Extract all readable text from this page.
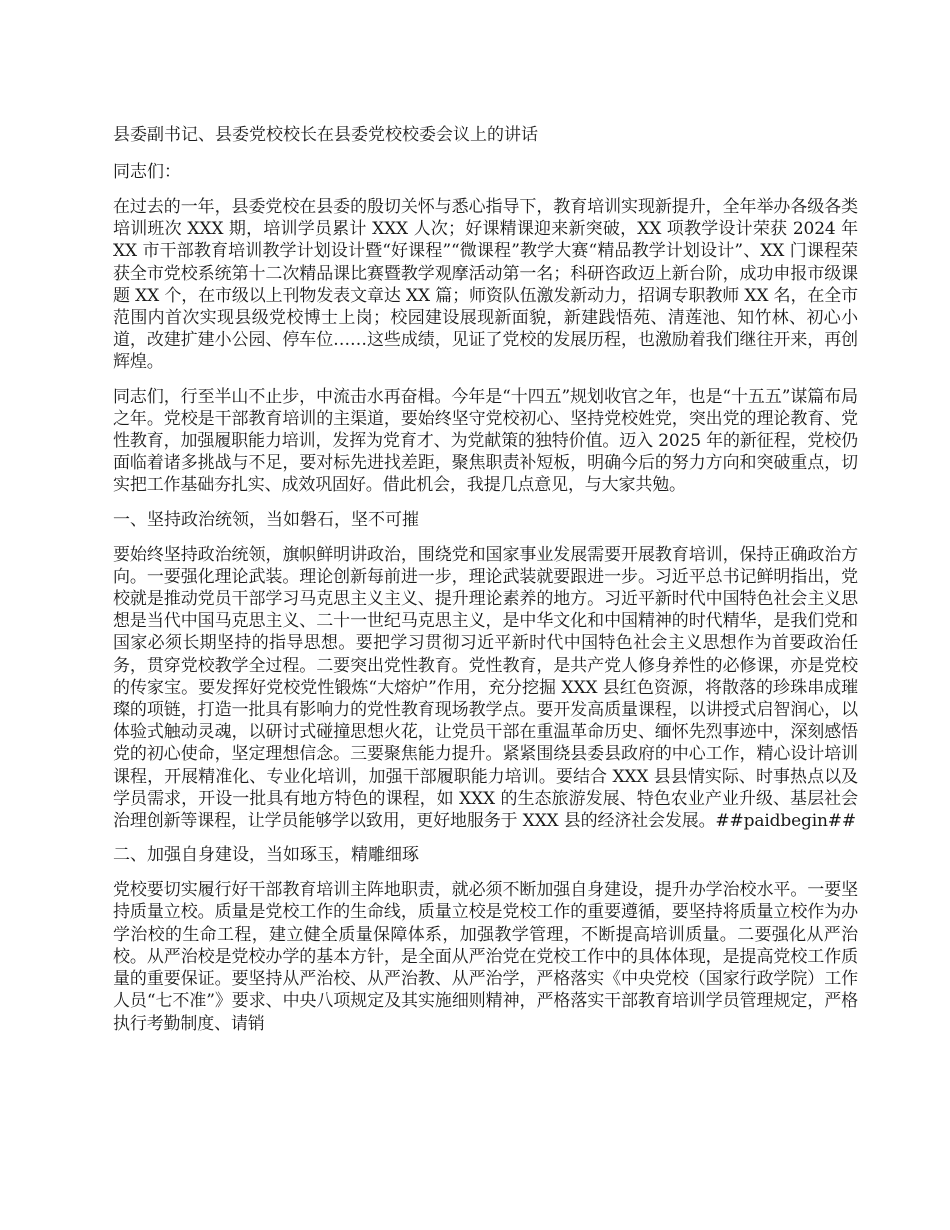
县委副书记、县委党校校长在县委党校校委会议上的讲话
同志们：
在过去的一年，县委党校在县委的殷切关怀与悉心指导下，教育培训实现新提升，全年举办各级各类培训班次 XXX 期，培训学员累计 XXX 人次；好课精课迎来新突破，XX 项教学设计荣获 2024 年 XX 市干部教育培训教学计划设计暨“好课程”“微课程”教学大赛“精品教学计划设计”、XX 门课程荣获全市党校系统第十二次精品课比赛暨教学观摩活动第一名；科研咨政迈上新台阶，成功申报市级课题 XX 个，在市级以上刊物发表文章达 XX 篇；师资队伍激发新动力，招调专职教师 XX 名，在全市范围内首次实现县级党校博士上岗；校园建设展现新面貌，新建践悟苑、清莲池、知竹林、初心小道，改建扩建小公园、停车位……这些成绩，见证了党校的发展历程，也激励着我们继往开来，再创辉煌。
同志们，行至半山不止步，中流击水再奋楫。今年是“十四五”规划收官之年，也是“十五五”谋篇布局之年。党校是干部教育培训的主渠道，要始终坚守党校初心、坚持党校姓党，突出党的理论教育、党性教育，加强履职能力培训，发挥为党育才、为党献策的独特价值。迈入 2025 年的新征程，党校仍面临着诸多挑战与不足，要对标先进找差距，聚焦职责补短板，明确今后的努力方向和突破重点，切实把工作基础夯扎实、成效巩固好。借此机会，我提几点意见，与大家共勉。
一、坚持政治统领，当如磐石，坚不可摧
要始终坚持政治统领，旗帜鲜明讲政治，围绕党和国家事业发展需要开展教育培训，保持正确政治方向。一要强化理论武装。理论创新每前进一步，理论武装就要跟进一步。习近平总书记鲜明指出，党校就是推动党员干部学习马克思主义主义、提升理论素养的地方。习近平新时代中国特色社会主义思想是当代中国马克思主义、二十一世纪马克思主义，是中华文化和中国精神的时代精华，是我们党和国家必须长期坚持的指导思想。要把学习贯彻习近平新时代中国特色社会主义思想作为首要政治任务，贯穿党校教学全过程。二要突出党性教育。党性教育，是共产党人修身养性的必修课，亦是党校的传家宝。要发挥好党校党性锻炼“大熔炉”作用，充分挖掘 XXX 县红色资源，将散落的珍珠串成璀璨的项链，打造一批具有影响力的党性教育现场教学点。要开发高质量课程，以讲授式启智润心，以体验式触动灵魂，以研讨式碰撞思想火花，让党员干部在重温革命历史、缅怀先烈事迹中，深刻感悟党的初心使命，坚定理想信念。三要聚焦能力提升。紧紧围绕县委县政府的中心工作，精心设计培训课程，开展精准化、专业化培训，加强干部履职能力培训。要结合 XXX 县县情实际、时事热点以及学员需求，开设一批具有地方特色的课程，如 XXX 的生态旅游发展、特色农业产业升级、基层社会治理创新等课程，让学员能够学以致用，更好地服务于 XXX 县的经济社会发展。##paidbegin##
二、加强自身建设，当如琢玉，精雕细琢
党校要切实履行好干部教育培训主阵地职责，就必须不断加强自身建设，提升办学治校水平。一要坚持质量立校。质量是党校工作的生命线，质量立校是党校工作的重要遵循，要坚持将质量立校作为办学治校的生命工程，建立健全质量保障体系，加强教学管理，不断提高培训质量。二要强化从严治校。从严治校是党校办学的基本方针，是全面从严治党在党校工作中的具体体现，是提高党校工作质量的重要保证。要坚持从严治校、从严治教、从严治学，严格落实《中央党校（国家行政学院）工作人员“七不准”》要求、中央八项规定及其实施细则精神，严格落实干部教育培训学员管理规定，严格执行考勤制度、请销
